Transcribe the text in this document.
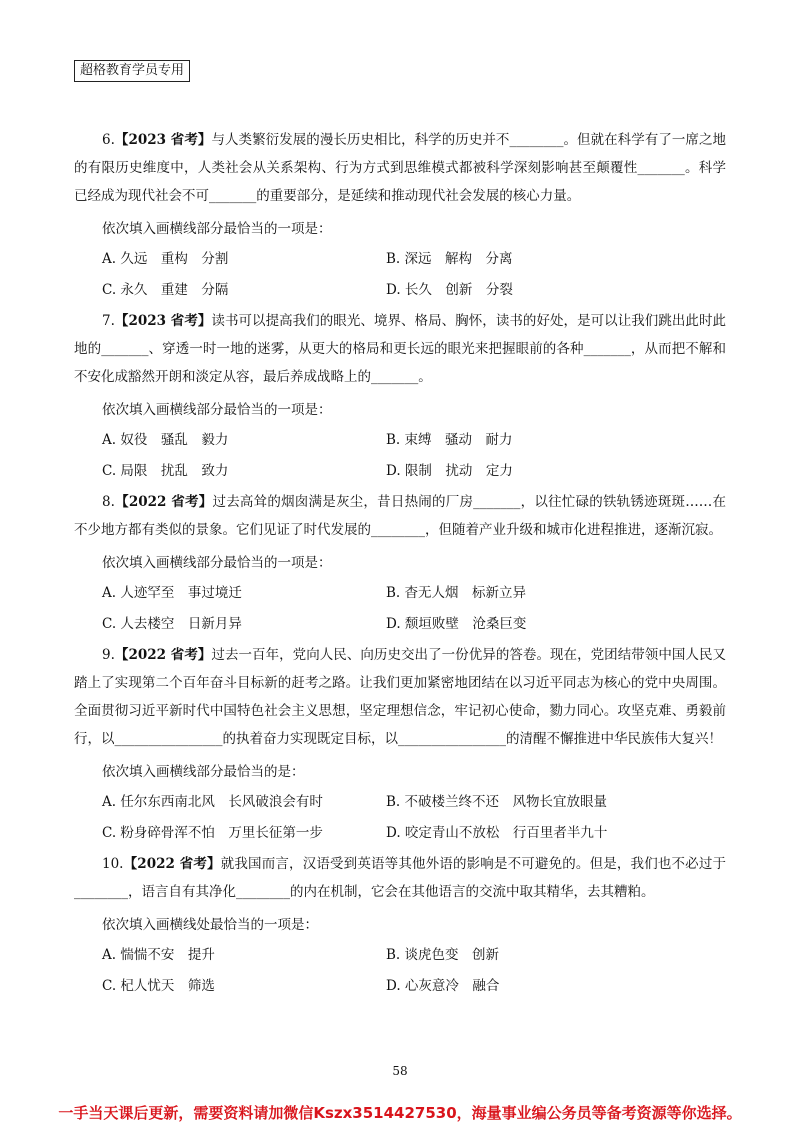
超格教育学员专用

6.【2023 省考】与人类繁衍发展的漫长历史相比，科学的历史并不________。但就在科学有了一席之地的有限历史维度中，人类社会从关系架构、行为方式到思维模式都被科学深刻影响甚至颠覆性_______。科学已经成为现代社会不可_______的重要部分，是延续和推动现代社会发展的核心力量。

依次填入画横线部分最恰当的一项是：

A. 久远　重构　分割	B. 深远　解构　分离
C. 永久　重建　分隔	D. 长久　创新　分裂

7.【2023 省考】读书可以提高我们的眼光、境界、格局、胸怀，读书的好处，是可以让我们跳出此时此地的_______、穿透一时一地的迷雾，从更大的格局和更长远的眼光来把握眼前的各种_______，从而把不解和不安化成豁然开朗和淡定从容，最后养成战略上的_______。

依次填入画横线部分最恰当的一项是：

A. 奴役　骚乱　毅力	B. 束缚　骚动　耐力
C. 局限　扰乱　致力	D. 限制　扰动　定力

8.【2022 省考】过去高耸的烟囱满是灰尘，昔日热闹的厂房_______，以往忙碌的铁轨锈迹斑斑……在不少地方都有类似的景象。它们见证了时代发展的________，但随着产业升级和城市化进程推进，逐渐沉寂。

依次填入画横线部分最恰当的一项是：

A. 人迹罕至　事过境迁	B. 杳无人烟　标新立异
C. 人去楼空　日新月异	D. 颓垣败壁　沧桑巨变

9.【2022 省考】过去一百年，党向人民、向历史交出了一份优异的答卷。现在，党团结带领中国人民又踏上了实现第二个百年奋斗目标新的赶考之路。让我们更加紧密地团结在以习近平同志为核心的党中央周围。全面贯彻习近平新时代中国特色社会主义思想，坚定理想信念，牢记初心使命，勠力同心。攻坚克难、勇毅前行，以________________的执着奋力实现既定目标，以________________的清醒不懈推进中华民族伟大复兴！

依次填入画横线部分最恰当的是：

A. 任尔东西南北风　长风破浪会有时	B. 不破楼兰终不还　风物长宜放眼量
C. 粉身碎骨浑不怕　万里长征第一步	D. 咬定青山不放松　行百里者半九十

10.【2022 省考】就我国而言，汉语受到英语等其他外语的影响是不可避免的。但是，我们也不必过于________，语言自有其净化________的内在机制，它会在其他语言的交流中取其精华，去其糟粕。

依次填入画横线处最恰当的一项是：

A. 惴惴不安　提升	B. 谈虎色变　创新
C. 杞人忧天　筛选	D. 心灰意冷　融合
58
一手当天课后更新，需要资料请加微信Kszx3514427530，海量事业编公务员等备考资源等你选择。
